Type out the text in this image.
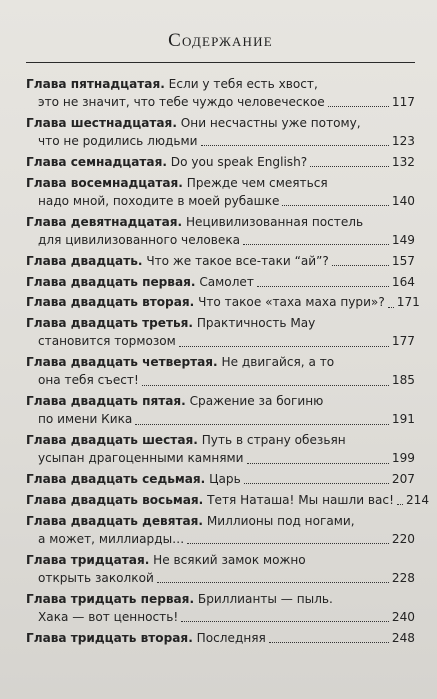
Содержание
Глава пятнадцатая. Если у тебя есть хвост,
это не значит, что тебе чуждо человеческое	117
Глава шестнадцатая. Они несчастны уже потому,
что не родились людьми	123
Глава семнадцатая. Do you speak English?	132
Глава восемнадцатая. Прежде чем смеяться
надо мной, походите в моей рубашке	140
Глава девятнадцатая. Нецивилизованная постель
для цивилизованного человека	149
Глава двадцать. Что же такое все-таки “ай”?	157
Глава двадцать первая. Самолет	164
Глава двадцать вторая. Что такое «таха маха пури»? 171
Глава двадцать третья. Практичность Мау
становится тормозом	177
Глава двадцать четвертая. Не двигайся, а то
она тебя съест!	185
Глава двадцать пятая. Сражение за богиню
по имени Кика	191
Глава двадцать шестая. Путь в страну обезьян
усыпан драгоценными камнями	199
Глава двадцать седьмая. Царь	207
Глава двадцать восьмая. Тетя Наташа! Мы нашли вас! 214
Глава двадцать девятая. Миллионы под ногами,
а может, миллиарды…	220
Глава тридцатая. Не всякий замок можно
открыть заколкой	228
Глава тридцать первая. Бриллианты — пыль.
Хака — вот ценность!	240
Глава тридцать вторая. Последняя	248
